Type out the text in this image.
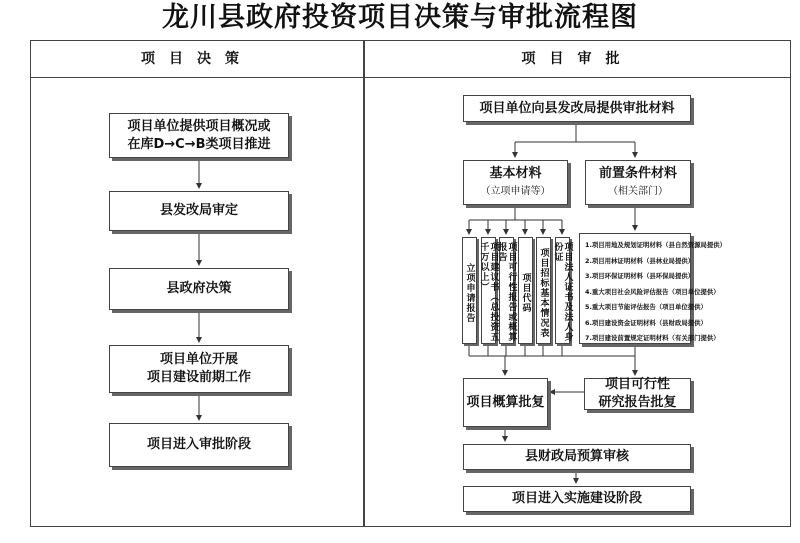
龙川县政府投资项目决策与审批流程图
项目决策	项目审批
项目单位提供项目概况或
在库D→C→B类项目推进
县发改局审定
县政府决策
项目单位开展
项目建设前期工作
项目进入审批阶段
项目单位向县发改局提供审批材料
基本材料
（立项申请等）
前置条件材料
（相关部门）
立项申请报告	项目建议书（总投资五千万以上）	项目可行性报告或概算报告
项目代码 项目招标基本情况表	项目法人证书及法人身份证	1.项目用地及规划证明材料（县自然资源局提供）
2.项目用林证明材料（县林业局提供）
3.项目环保证明材料（县环保局提供）
4.重大项目社会风险评估报告（项目单位提供）
5.重大项目节能评估报告（项目单位提供）
6.项目建设资金证明材料（县财政局提供）
7.项目建设前置规定证明材料（有关部门提供）
项目概算批复
项目可行性
研究报告批复
县财政局预算审核
项目进入实施建设阶段
